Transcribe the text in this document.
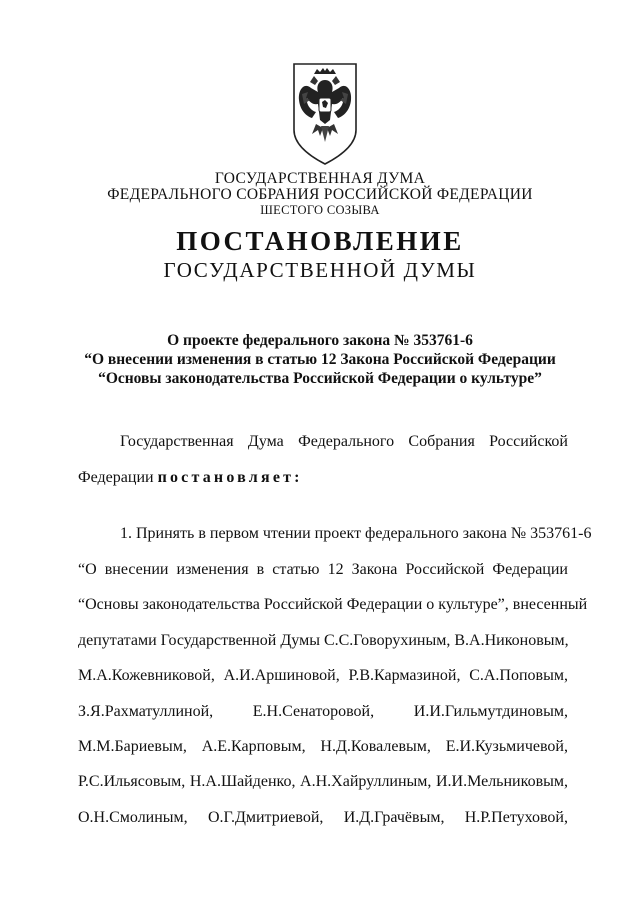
ГОСУДАРСТВЕННАЯ ДУМА
ФЕДЕРАЛЬНОГО СОБРАНИЯ РОССИЙСКОЙ ФЕДЕРАЦИИ
ШЕСТОГО СОЗЫВА
ПОСТАНОВЛЕНИЕ
ГОСУДАРСТВЕННОЙ ДУМЫ
О проекте федерального закона № 353761-6
“О внесении изменения в статью 12 Закона Российской Федерации
“Основы законодательства Российской Федерации о культуре”
Государственная Дума Федерального Собрания Российской
Федерации постановляет:
1. Принять в первом чтении проект федерального закона № 353761-6
“О внесении изменения в статью 12 Закона Российской Федерации
“Основы законодательства Российской Федерации о культуре”, внесенный
депутатами Государственной Думы С.С.Говорухиным, В.А.Никоновым,
М.А.Кожевниковой, А.И.Аршиновой, Р.В.Кармазиной, С.А.Поповым,
З.Я.Рахматуллиной, Е.Н.Сенаторовой, И.И.Гильмутдиновым,
М.М.Бариевым, А.Е.Карповым, Н.Д.Ковалевым, Е.И.Кузьмичевой,
Р.С.Ильясовым, Н.А.Шайденко, А.Н.Хайруллиным, И.И.Мельниковым,
О.Н.Смолиным, О.Г.Дмитриевой, И.Д.Грачёвым, Н.Р.Петуховой,
